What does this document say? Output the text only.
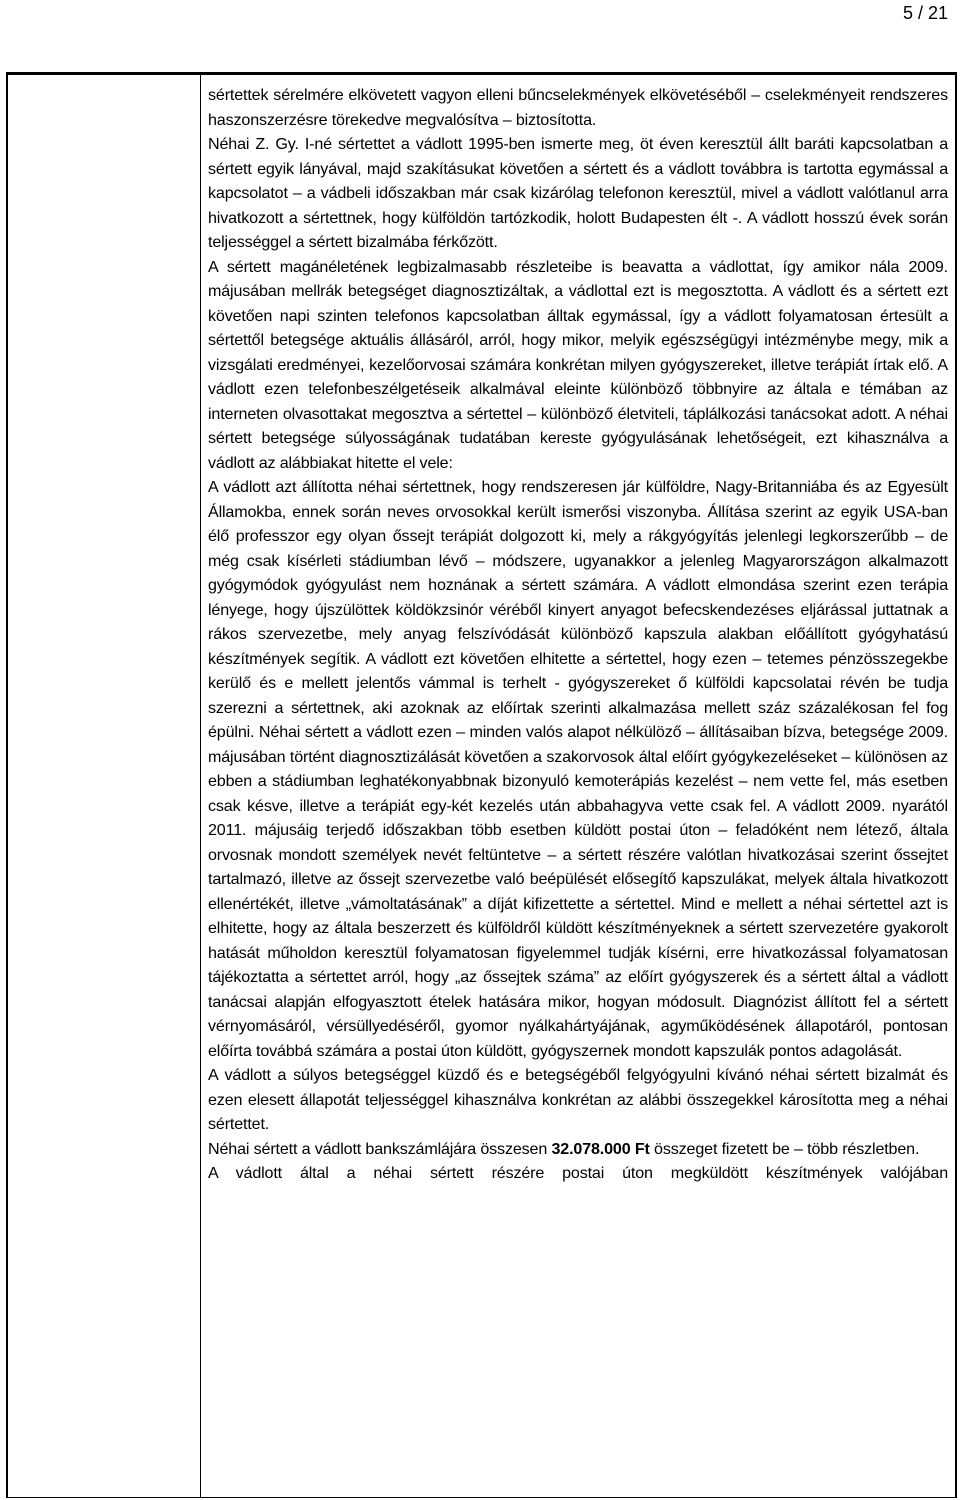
5 / 21

sértettek sérelmére elkövetett vagyon elleni bűncselekmények elkövetéséből – cselekményeit rendszeres haszonszerzésre törekedve megvalósítva – biztosította.

Néhai Z. Gy. I-né sértettet a vádlott 1995-ben ismerte meg, öt éven keresztül állt baráti kapcsolatban a sértett egyik lányával, majd szakításukat követően a sértett és a vádlott továbbra is tartotta egymással a kapcsolatot – a vádbeli időszakban már csak kizárólag telefonon keresztül, mivel a vádlott valótlanul arra hivatkozott a sértettnek, hogy külföldön tartózkodik, holott Budapesten élt -. A vádlott hosszú évek során teljességgel a sértett bizalmába férkőzött.

A sértett magánéletének legbizalmasabb részleteibe is beavatta a vádlottat, így amikor nála 2009. májusában mellrák betegséget diagnosztizáltak, a vádlottal ezt is megosztotta. A vádlott és a sértett ezt követően napi szinten telefonos kapcsolatban álltak egymással, így a vádlott folyamatosan értesült a sértettől betegsége aktuális állásáról, arról, hogy mikor, melyik egészségügyi intézménybe megy, mik a vizsgálati eredményei, kezelőorvosai számára konkrétan milyen gyógyszereket, illetve terápiát írtak elő. A vádlott ezen telefonbeszélgetéseik alkalmával eleinte különböző többnyire az általa e témában az interneten olvasottakat megosztva a sértettel – különböző életviteli, táplálkozási tanácsokat adott. A néhai sértett betegsége súlyosságának tudatában kereste gyógyulásának lehetőségeit, ezt kihasználva a vádlott az alábbiakat hitette el vele:

A vádlott azt állította néhai sértettnek, hogy rendszeresen jár külföldre, Nagy-Britanniába és az Egyesült Államokba, ennek során neves orvosokkal került ismerősi viszonyba. Állítása szerint az egyik USA-ban élő professzor egy olyan őssejt terápiát dolgozott ki, mely a rákgyógyítás jelenlegi legkorszerűbb – de még csak kísérleti stádiumban lévő – módszere, ugyanakkor a jelenleg Magyarországon alkalmazott gyógymódok gyógyulást nem hoznának a sértett számára. A vádlott elmondása szerint ezen terápia lényege, hogy újszülöttek köldökzsinór véréből kinyert anyagot befecskendezéses eljárással juttatnak a rákos szervezetbe, mely anyag felszívódását különböző kapszula alakban előállított gyógyhatású készítmények segítik. A vádlott ezt követően elhitette a sértettel, hogy ezen – tetemes pénzösszegekbe kerülő és e mellett jelentős vámmal is terhelt - gyógyszereket ő külföldi kapcsolatai révén be tudja szerezni a sértettnek, aki azoknak az előírtak szerinti alkalmazása mellett száz százalékosan fel fog épülni. Néhai sértett a vádlott ezen – minden valós alapot nélkülöző – állításaiban bízva, betegsége 2009. májusában történt diagnosztizálását követően a szakorvosok által előírt gyógykezeléseket – különösen az ebben a stádiumban leghatékonyabbnak bizonyuló kemoterápiás kezelést – nem vette fel, más esetben csak késve, illetve a terápiát egy-két kezelés után abbahagyva vette csak fel. A vádlott 2009. nyarától 2011. májusáig terjedő időszakban több esetben küldött postai úton – feladóként nem létező, általa orvosnak mondott személyek nevét feltüntetve – a sértett részére valótlan hivatkozásai szerint őssejtet tartalmazó, illetve az őssejt szervezetbe való beépülését elősegítő kapszulákat, melyek általa hivatkozott ellenértékét, illetve „vámoltatásának” a díját kifizettette a sértettel. Mind e mellett a néhai sértettel azt is elhitette, hogy az általa beszerzett és külföldről küldött készítményeknek a sértett szervezetére gyakorolt hatását műholdon keresztül folyamatosan figyelemmel tudják kísérni, erre hivatkozással folyamatosan tájékoztatta a sértettet arról, hogy „az őssejtek száma” az előírt gyógyszerek és a sértett által a vádlott tanácsai alapján elfogyasztott ételek hatására mikor, hogyan módosult. Diagnózist állított fel a sértett vérnyomásáról, vérsüllyedéséről, gyomor nyálkahártyájának, agyműködésének állapotáról, pontosan előírta továbbá számára a postai úton küldött, gyógyszernek mondott kapszulák pontos adagolását.

A vádlott a súlyos betegséggel küzdő és e betegségéből felgyógyulni kívánó néhai sértett bizalmát és ezen elesett állapotát teljességgel kihasználva konkrétan az alábbi összegekkel károsította meg a néhai sértettet.

Néhai sértett a vádlott bankszámlájára összesen 32.078.000 Ft összeget fizetett be – több részletben.

A vádlott által a néhai sértett részére postai úton megküldött készítmények valójában
